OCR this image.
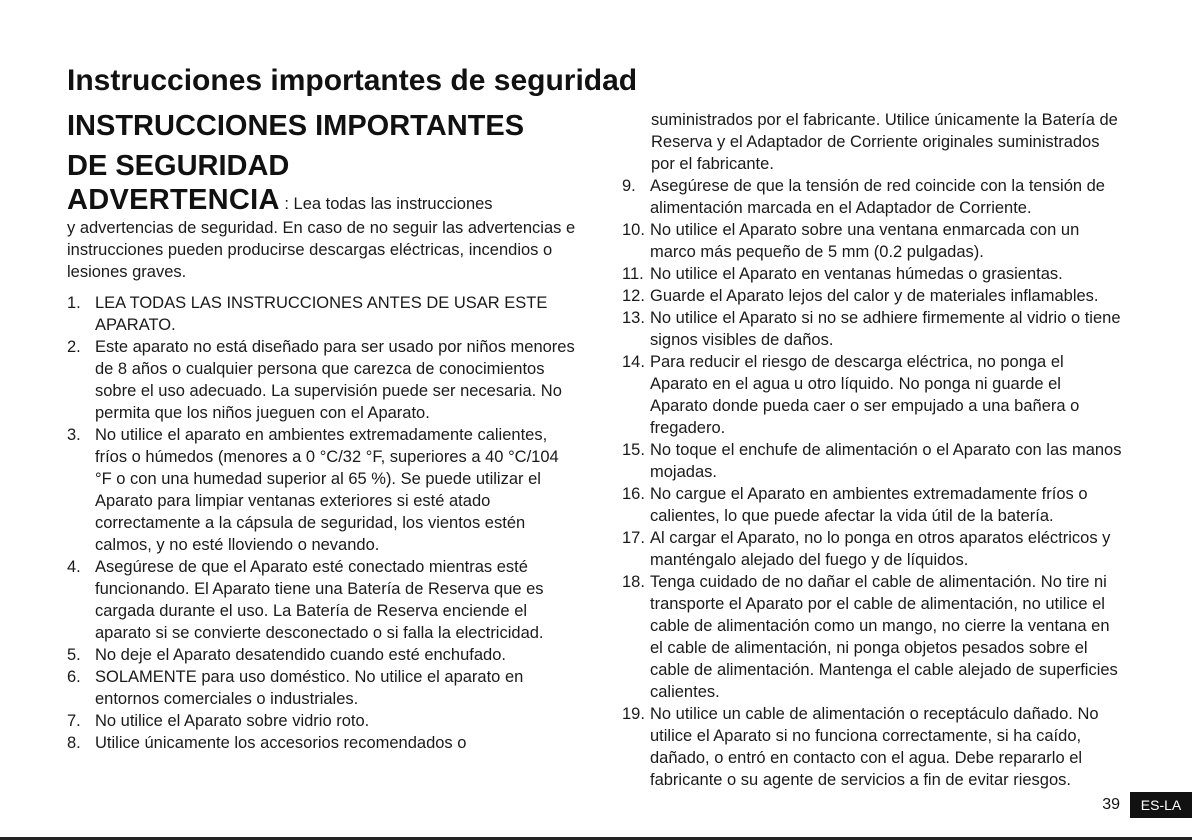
Instrucciones importantes de seguridad
INSTRUCCIONES IMPORTANTES
DE SEGURIDAD
ADVERTENCIA : Lea todas las instrucciones
y advertencias de seguridad. En caso de no seguir las advertencias e instrucciones pueden producirse descargas eléctricas, incendios o lesiones graves.
1. LEA TODAS LAS INSTRUCCIONES ANTES DE USAR ESTE APARATO.
2. Este aparato no está diseñado para ser usado por niños menores de 8 años o cualquier persona que carezca de conocimientos sobre el uso adecuado. La supervisión puede ser necesaria. No permita que los niños jueguen con el Aparato.
3. No utilice el aparato en ambientes extremadamente calientes, fríos o húmedos (menores a 0 °C/32 °F, superiores a 40 °C/104 °F o con una humedad superior al 65 %). Se puede utilizar el Aparato para limpiar ventanas exteriores si esté atado correctamente a la cápsula de seguridad, los vientos estén calmos, y no esté lloviendo o nevando.
4. Asegúrese de que el Aparato esté conectado mientras esté funcionando. El Aparato tiene una Batería de Reserva que es cargada durante el uso. La Batería de Reserva enciende el aparato si se convierte desconectado o si falla la electricidad.
5. No deje el Aparato desatendido cuando esté enchufado.
6. SOLAMENTE para uso doméstico. No utilice el aparato en entornos comerciales o industriales.
7. No utilice el Aparato sobre vidrio roto.
8. Utilice únicamente los accesorios recomendados o
suministrados por el fabricante. Utilice únicamente la Batería de Reserva y el Adaptador de Corriente originales suministrados por el fabricante.
9. Asegúrese de que la tensión de red coincide con la tensión de alimentación marcada en el Adaptador de Corriente.
10. No utilice el Aparato sobre una ventana enmarcada con un marco más pequeño de 5 mm (0.2 pulgadas).
11. No utilice el Aparato en ventanas húmedas o grasientas.
12. Guarde el Aparato lejos del calor y de materiales inflamables.
13. No utilice el Aparato si no se adhiere firmemente al vidrio o tiene signos visibles de daños.
14. Para reducir el riesgo de descarga eléctrica, no ponga el Aparato en el agua u otro líquido. No ponga ni guarde el Aparato donde pueda caer o ser empujado a una bañera o fregadero.
15. No toque el enchufe de alimentación o el Aparato con las manos mojadas.
16. No cargue el Aparato en ambientes extremadamente fríos o calientes, lo que puede afectar la vida útil de la batería.
17. Al cargar el Aparato, no lo ponga en otros aparatos eléctricos y manténgalo alejado del fuego y de líquidos.
18. Tenga cuidado de no dañar el cable de alimentación. No tire ni transporte el Aparato por el cable de alimentación, no utilice el cable de alimentación como un mango, no cierre la ventana en el cable de alimentación, ni ponga objetos pesados sobre el cable de alimentación. Mantenga el cable alejado de superficies calientes.
19. No utilice un cable de alimentación o receptáculo dañado. No utilice el Aparato si no funciona correctamente, si ha caído, dañado, o entró en contacto con el agua. Debe repararlo el fabricante o su agente de servicios a fin de evitar riesgos.
39	ES-LA
